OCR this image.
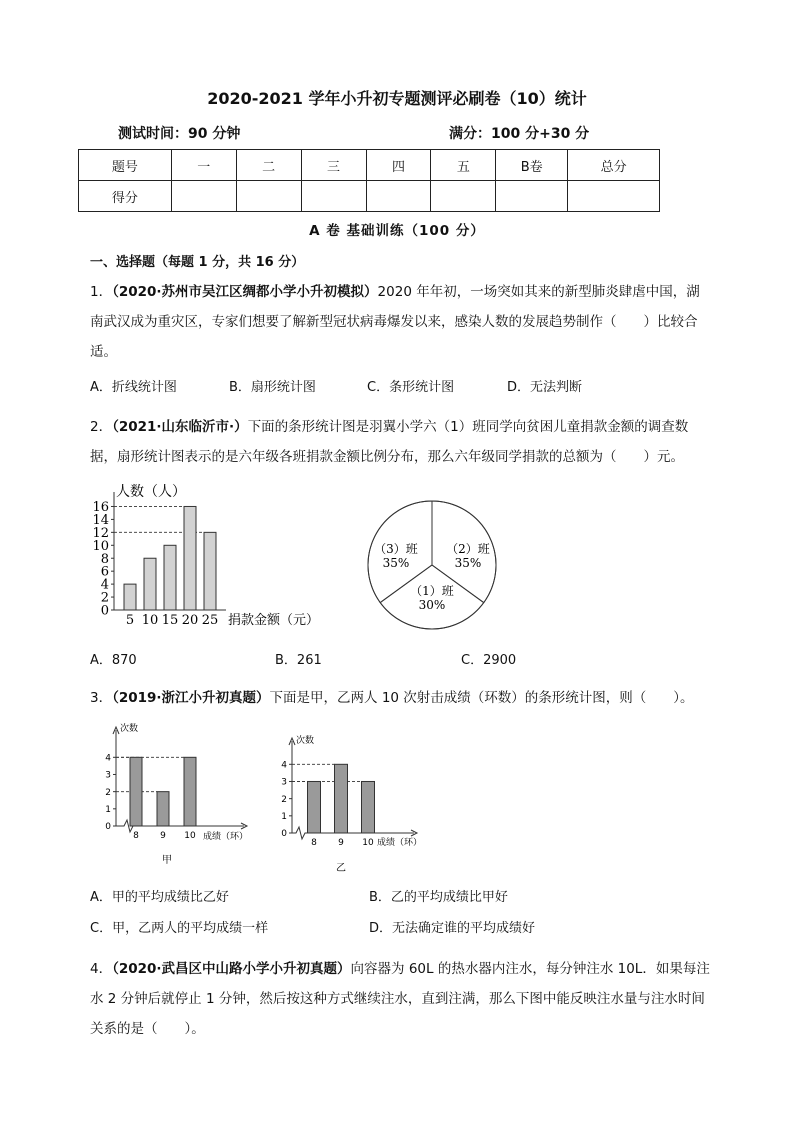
2020-2021 学年小升初专题测评必刷卷（10）统计
测试时间：90 分钟	满分：100 分+30 分
题号	一	二	三	四	五	B卷	总分
得分							
A 卷 基础训练（100 分）
一、选择题（每题 1 分，共 16 分）
1．（2020·苏州市吴江区绸都小学小升初模拟）2020 年年初，一场突如其来的新型肺炎肆虐中国，湖南武汉成为重灾区，专家们想要了解新型冠状病毒爆发以来，感染人数的发展趋势制作（　　）比较合适。
A．折线统计图	B．扇形统计图	C．条形统计图	D．无法判断
2．（2021·山东临沂市·）下面的条形统计图是羽翼小学六（1）班同学向贫困儿童捐款金额的调查数据，扇形统计图表示的是六年级各班捐款金额比例分布，那么六年级同学捐款的总额为（　　）元。
人数（人）
捐款金额（元）
0
2
4
6
8
10
12
14
16
5 10 15 20 25
（2）班
35%
（1）班
30%
（3）班
35%
A．870	B．261	C．2900
3．（2019·浙江小升初真题）下面是甲，乙两人 10 次射击成绩（环数）的条形统计图，则（　　）。
次数
成绩（环）
甲
0
1
2
3
4
8 9 10
次数
成绩（环）
乙
0
1
2
3
4
8 9 10
A．甲的平均成绩比乙好	B．乙的平均成绩比甲好
C．甲，乙两人的平均成绩一样	D．无法确定谁的平均成绩好
4．（2020·武昌区中山路小学小升初真题）向容器为 60L 的热水器内注水，每分钟注水 10L．如果每注水 2 分钟后就停止 1 分钟，然后按这种方式继续注水，直到注满，那么下图中能反映注水量与注水时间关系的是（　　）。
